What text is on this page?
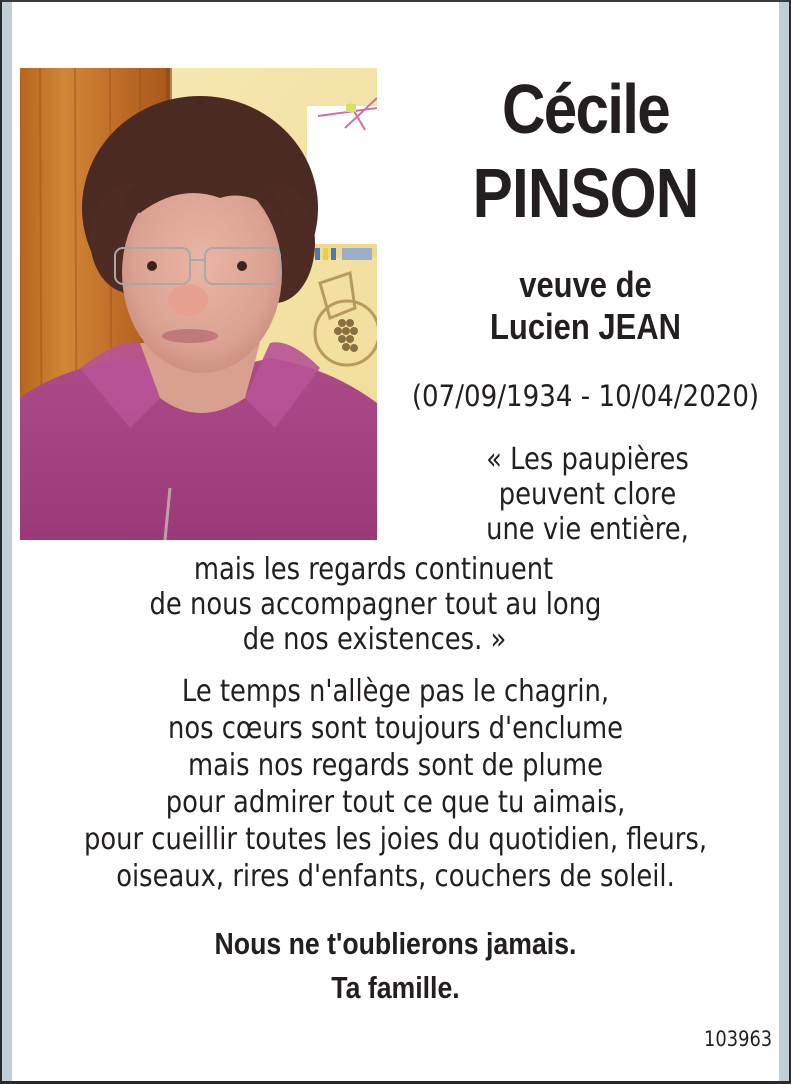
Cécile
PINSON
veuve de
Lucien JEAN
(07/09/1934 - 10/04/2020)
« Les paupières
peuvent clore
une vie entière,
mais les regards continuent
de nous accompagner tout au long
de nos existences. »
Le temps n'allège pas le chagrin,
nos cœurs sont toujours d'enclume
mais nos regards sont de plume
pour admirer tout ce que tu aimais,
pour cueillir toutes les joies du quotidien, fleurs,
oiseaux, rires d'enfants, couchers de soleil.
Nous ne t'oublierons jamais.
Ta famille.
103963
